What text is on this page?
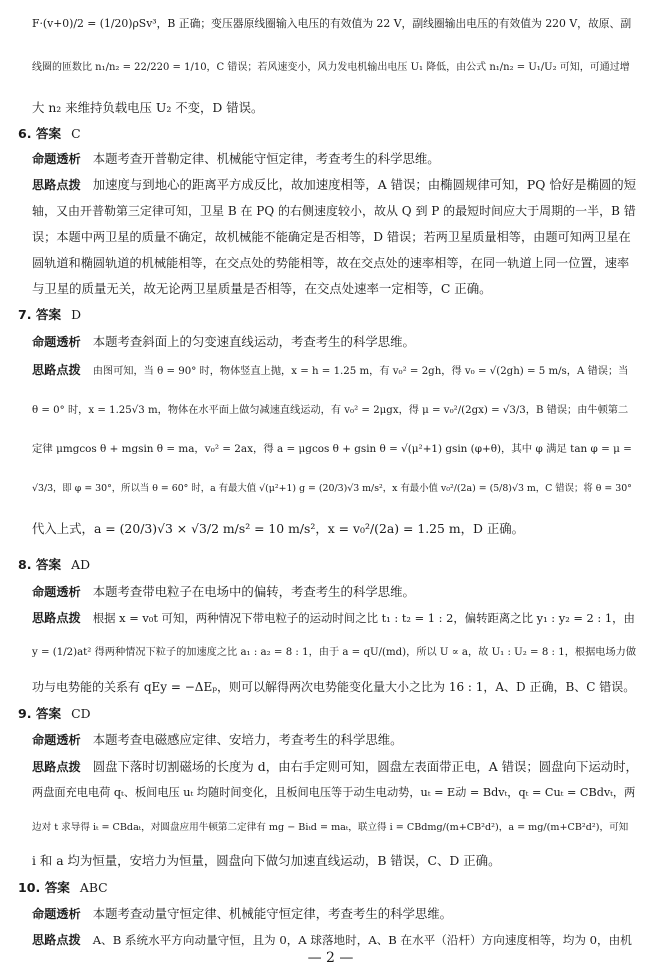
F·(v+0)/2 = (1/20)ρSv³，B 正确；变压器原线圈输入电压的有效值为 22 V，副线圈输出电压的有效值为 220 V，故原、副
线圈的匝数比 n₁/n₂ = 22/220 = 1/10，C 错误；若风速变小，风力发电机输出电压 U₁ 降低，由公式 n₁/n₂ = U₁/U₂ 可知，可通过增
大 n₂ 来维持负载电压 U₂ 不变，D 错误。
6. 答案 C
命题透析 本题考查开普勒定律、机械能守恒定律，考查考生的科学思维。
思路点拨 加速度与到地心的距离平方成反比，故加速度相等，A 错误；由椭圆规律可知，PQ 恰好是椭圆的短
轴，又由开普勒第三定律可知，卫星 B 在 PQ 的右侧速度较小，故从 Q 到 P 的最短时间应大于周期的一半，B 错
误；本题中两卫星的质量不确定，故机械能不能确定是否相等，D 错误；若两卫星质量相等，由题可知两卫星在
圆轨道和椭圆轨道的机械能相等，在交点处的势能相等，故在交点处的速率相等，在同一轨道上同一位置，速率
与卫星的质量无关，故无论两卫星质量是否相等，在交点处速率一定相等，C 正确。
7. 答案 D
命题透析 本题考查斜面上的匀变速直线运动，考查考生的科学思维。
思路点拨 由图可知，当 θ = 90° 时，物体竖直上抛，x = h = 1.25 m，有 v₀² = 2gh，得 v₀ = √(2gh) = 5 m/s，A 错误；当
θ = 0° 时，x = 1.25√3 m，物体在水平面上做匀减速直线运动，有 v₀² = 2μgx，得 μ = v₀²/(2gx) = √3/3，B 错误；由牛顿第二
定律 μmgcos θ + mgsin θ = ma，v₀² = 2ax，得 a = μgcos θ + gsin θ = √(μ²+1) gsin (φ+θ)，其中 φ 满足 tan φ = μ =
√3/3，即 φ = 30°，所以当 θ = 60° 时，a 有最大值 √(μ²+1) g = (20/3)√3 m/s²，x 有最小值 v₀²/(2a) = (5/8)√3 m，C 错误；将 θ = 30°
代入上式，a = (20/3)√3 × √3/2 m/s² = 10 m/s²，x = v₀²/(2a) = 1.25 m，D 正确。
8. 答案 AD
命题透析 本题考查带电粒子在电场中的偏转，考查考生的科学思维。
思路点拨 根据 x = v₀t 可知，两种情况下带电粒子的运动时间之比 t₁ : t₂ = 1 : 2，偏转距离之比 y₁ : y₂ = 2 : 1，由
y = (1/2)at² 得两种情况下粒子的加速度之比 a₁ : a₂ = 8 : 1，由于 a = qU/(md)，所以 U ∝ a，故 U₁ : U₂ = 8 : 1，根据电场力做
功与电势能的关系有 qEy = −ΔEₚ，则可以解得两次电势能变化量大小之比为 16 : 1，A、D 正确，B、C 错误。
9. 答案 CD
命题透析 本题考查电磁感应定律、安培力，考查考生的科学思维。
思路点拨 圆盘下落时切割磁场的长度为 d，由右手定则可知，圆盘左表面带正电，A 错误；圆盘向下运动时，
两盘面充电电荷 qₜ、板间电压 uₜ 均随时间变化，且板间电压等于动生电动势，uₜ = E动 = Bdvₜ，qₜ = Cuₜ = CBdvₜ，两
边对 t 求导得 iₜ = CBdaₜ，对圆盘应用牛顿第二定律有 mg − Biₜd = maₜ，联立得 i = CBdmg/(m+CB²d²)，a = mg/(m+CB²d²)，可知
i 和 a 均为恒量，安培力为恒量，圆盘向下做匀加速直线运动，B 错误，C、D 正确。
10. 答案 ABC
命题透析 本题考查动量守恒定律、机械能守恒定律，考查考生的科学思维。
思路点拨 A、B 系统水平方向动量守恒，且为 0，A 球落地时，A、B 在水平（沿杆）方向速度相等，均为 0，由机
— 2 —
